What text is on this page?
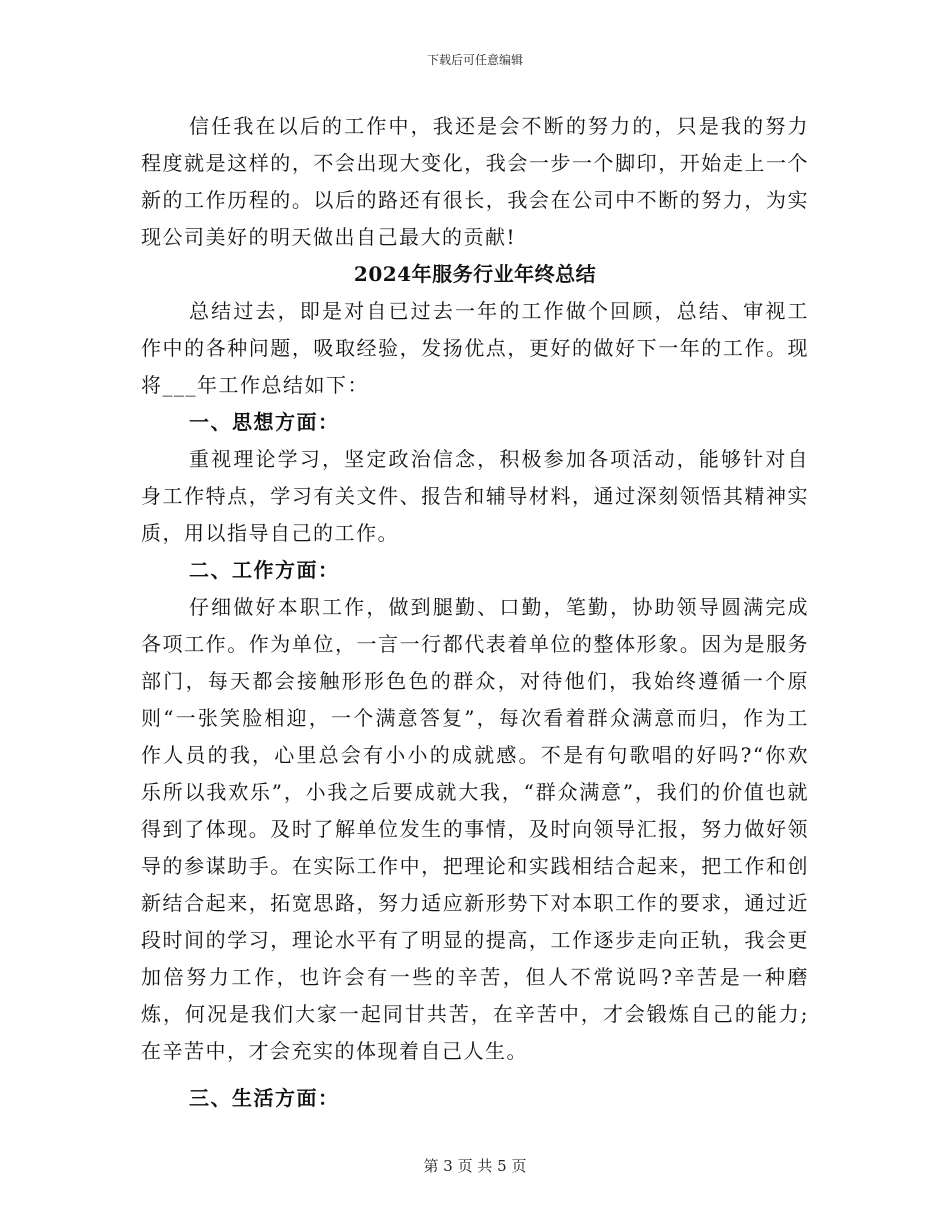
下载后可任意编辑

信任我在以后的工作中，我还是会不断的努力的，只是我的努力程度就是这样的，不会出现大变化，我会一步一个脚印，开始走上一个新的工作历程的。以后的路还有很长，我会在公司中不断的努力，为实现公司美好的明天做出自己最大的贡献!

2024年服务行业年终总结

总结过去，即是对自已过去一年的工作做个回顾，总结、审视工作中的各种问题，吸取经验，发扬优点，更好的做好下一年的工作。现将___年工作总结如下：

一、思想方面：

重视理论学习，坚定政治信念，积极参加各项活动，能够针对自身工作特点，学习有关文件、报告和辅导材料，通过深刻领悟其精神实质，用以指导自己的工作。

二、工作方面：

仔细做好本职工作，做到腿勤、口勤，笔勤，协助领导圆满完成各项工作。作为单位，一言一行都代表着单位的整体形象。因为是服务部门，每天都会接触形形色色的群众，对待他们，我始终遵循一个原则“一张笑脸相迎，一个满意答复”，每次看着群众满意而归，作为工作人员的我，心里总会有小小的成就感。不是有句歌唱的好吗?“你欢乐所以我欢乐”，小我之后要成就大我，“群众满意”，我们的价值也就得到了体现。及时了解单位发生的事情，及时向领导汇报，努力做好领导的参谋助手。在实际工作中，把理论和实践相结合起来，把工作和创新结合起来，拓宽思路，努力适应新形势下对本职工作的要求，通过近段时间的学习，理论水平有了明显的提高，工作逐步走向正轨，我会更加倍努力工作，也许会有一些的辛苦，但人不常说吗?辛苦是一种磨炼，何况是我们大家一起同甘共苦，在辛苦中，才会锻炼自己的能力;在辛苦中，才会充实的体现着自己人生。

三、生活方面：

第 3 页 共 5 页
